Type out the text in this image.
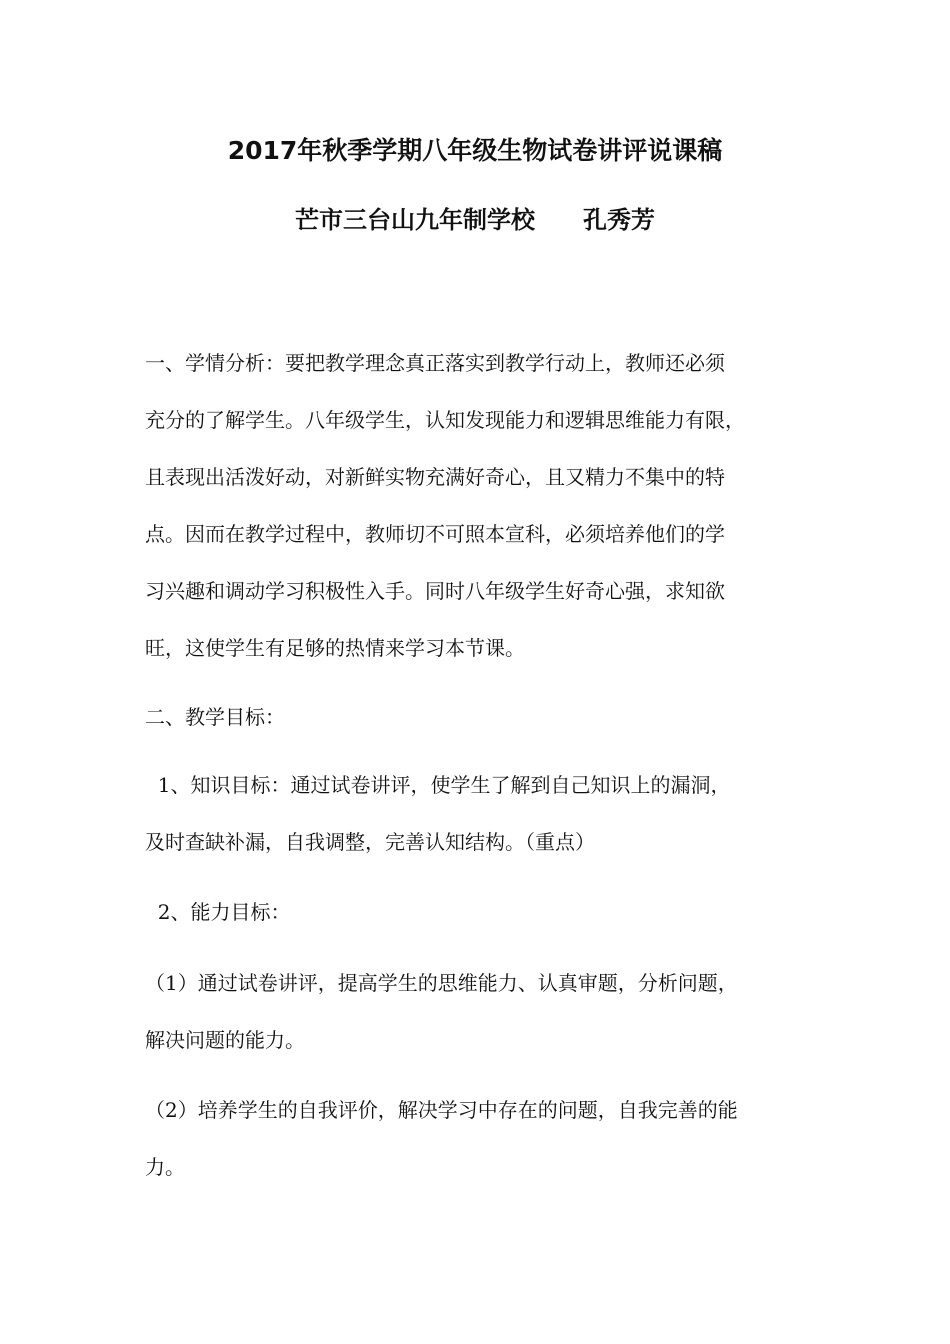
2017年秋季学期八年级生物试卷讲评说课稿
芒市三台山九年制学校 孔秀芳
一、学情分析：要把教学理念真正落实到教学行动上，教师还必须
充分的了解学生。八年级学生，认知发现能力和逻辑思维能力有限，
且表现出活泼好动，对新鲜实物充满好奇心，且又精力不集中的特
点。因而在教学过程中，教师切不可照本宣科，必须培养他们的学
习兴趣和调动学习积极性入手。同时八年级学生好奇心强，求知欲
旺，这使学生有足够的热情来学习本节课。
二、教学目标：
1、知识目标：通过试卷讲评，使学生了解到自己知识上的漏洞，
及时查缺补漏，自我调整，完善认知结构。（重点）
2、能力目标：
（1）通过试卷讲评，提高学生的思维能力、认真审题，分析问题，
解决问题的能力。
（2）培养学生的自我评价，解决学习中存在的问题，自我完善的能
力。
